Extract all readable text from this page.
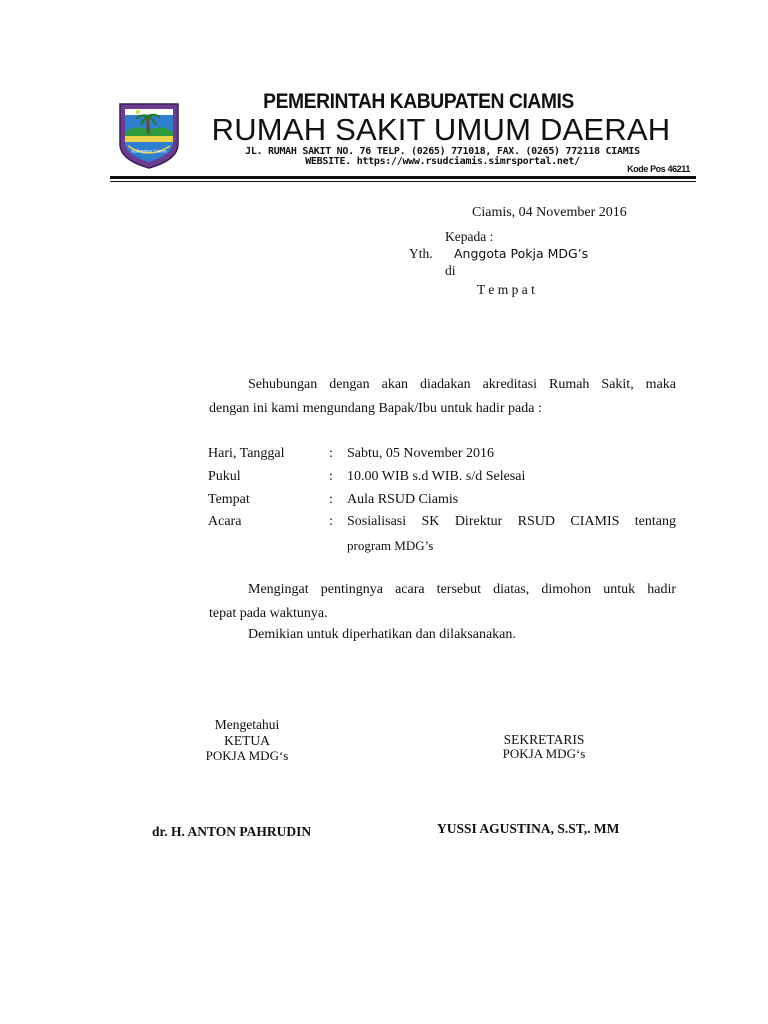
Kabupaten Ciamis
PEMERINTAH KABUPATEN CIAMIS
RUMAH SAKIT UMUM DAERAH
JL. RUMAH SAKIT NO. 76 TELP. (0265) 771018, FAX. (0265) 772118 CIAMIS
WEBSITE. https://www.rsudciamis.simrsportal.net/
Kode Pos 46211
Ciamis, 04 November 2016
Kepada :
Yth. Anggota Pokja MDG’s
di
T e m p a t
Sehubungan dengan akan diadakan akreditasi Rumah Sakit, maka
dengan ini kami mengundang Bapak/Ibu untuk hadir pada :
Hari, Tanggal	: Sabtu, 05 November 2016
Pukul	: 10.00 WIB s.d WIB. s/d Selesai
Tempat	: Aula RSUD Ciamis
Acara	: Sosialisasi SK Direktur RSUD CIAMIS tentang
program MDG’s
Mengingat pentingnya acara tersebut diatas, dimohon untuk hadir
tepat pada waktunya.
Demikian untuk diperhatikan dan dilaksanakan.
Mengetahui
KETUA
POKJA MDG‘s
dr. H. ANTON PAHRUDIN
SEKRETARIS
POKJA MDG‘s
YUSSI AGUSTINA, S.ST,. MM
